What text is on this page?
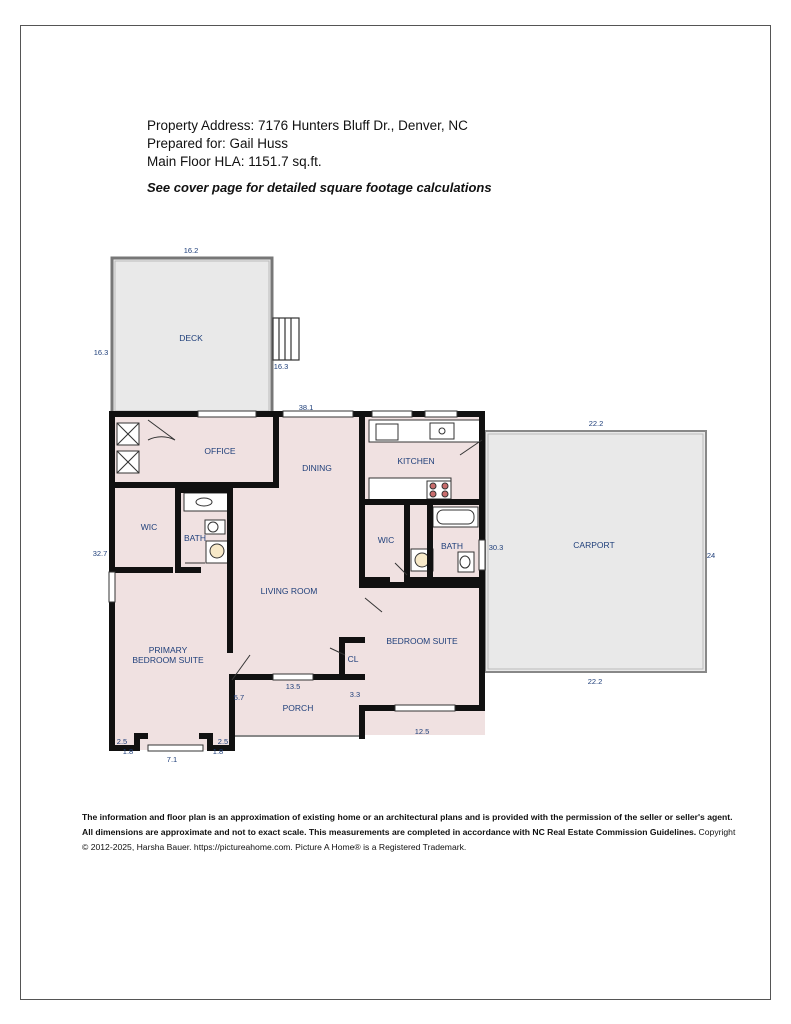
Property Address: 7176 Hunters Bluff Dr., Denver, NC
Prepared for: Gail Huss
Main Floor HLA: 1151.7 sq.ft.
See cover page for detailed square footage calculations
DECK
OFFICE
DINING
KITCHEN
CARPORT
WIC
BATH
LIVING ROOM
WIC
BATH
PRIMARY
BEDROOM SUITE
BEDROOM SUITE
CL
PORCH
16.2
16.3
16.3
38.1
22.2
24
22.2
32.7
30.3
13.5
5.7	3.3
12.5
2.5
1.8
2.5
1.8
7.1
The information and floor plan is an approximation of existing home or an architectural plans and is provided with the permission of the seller or seller's agent. All dimensions are approximate and not to exact scale. This measurements are completed in accordance with NC Real Estate Commission Guidelines. Copyright © 2012-2025, Harsha Bauer. https://pictureahome.com. Picture A Home® is a Registered Trademark.
